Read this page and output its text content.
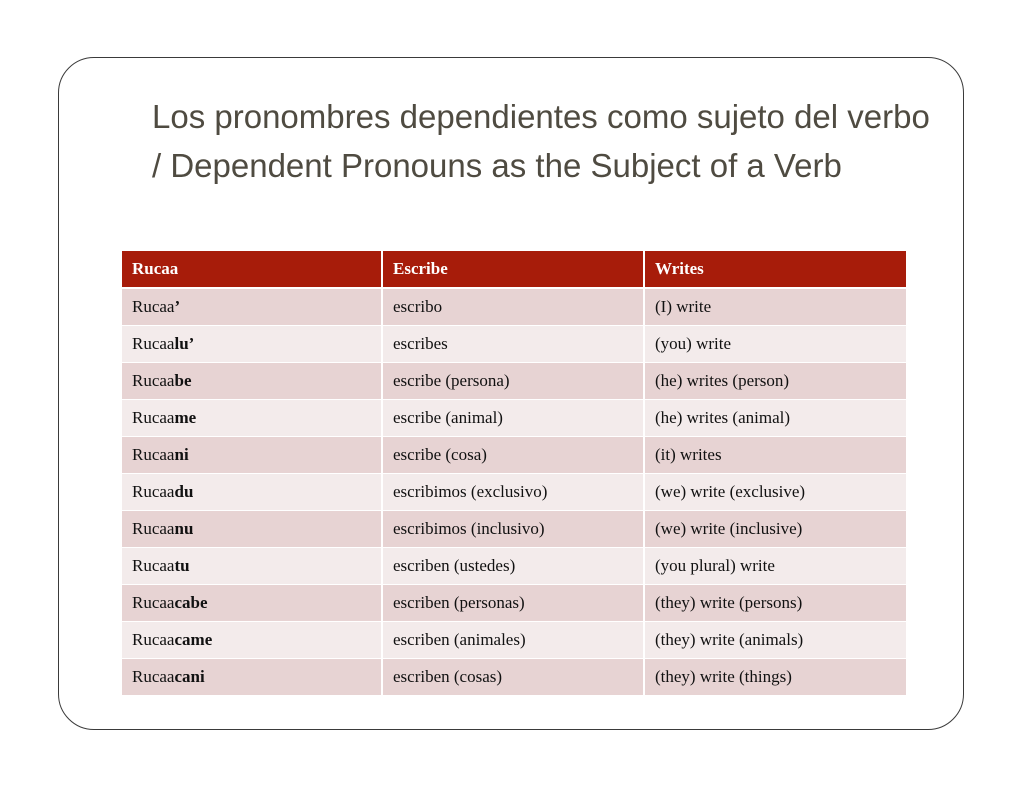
Los pronombres dependientes como sujeto del verbo / Dependent Pronouns as the Subject of a Verb
Rucaa	Escribe	Writes
Rucaa’	escribo	(I) write
Rucaalu’	escribes	(you) write
Rucaabe	escribe (persona)	(he) writes (person)
Rucaame	escribe (animal)	(he) writes (animal)
Rucaani	escribe (cosa)	(it) writes
Rucaadu	escribimos (exclusivo)	(we) write (exclusive)
Rucaanu	escribimos (inclusivo)	(we) write (inclusive)
Rucaatu	escriben (ustedes)	(you plural) write
Rucaacabe	escriben (personas)	(they) write (persons)
Rucaacame	escriben (animales)	(they) write (animals)
Rucaacani	escriben (cosas)	(they) write (things)
